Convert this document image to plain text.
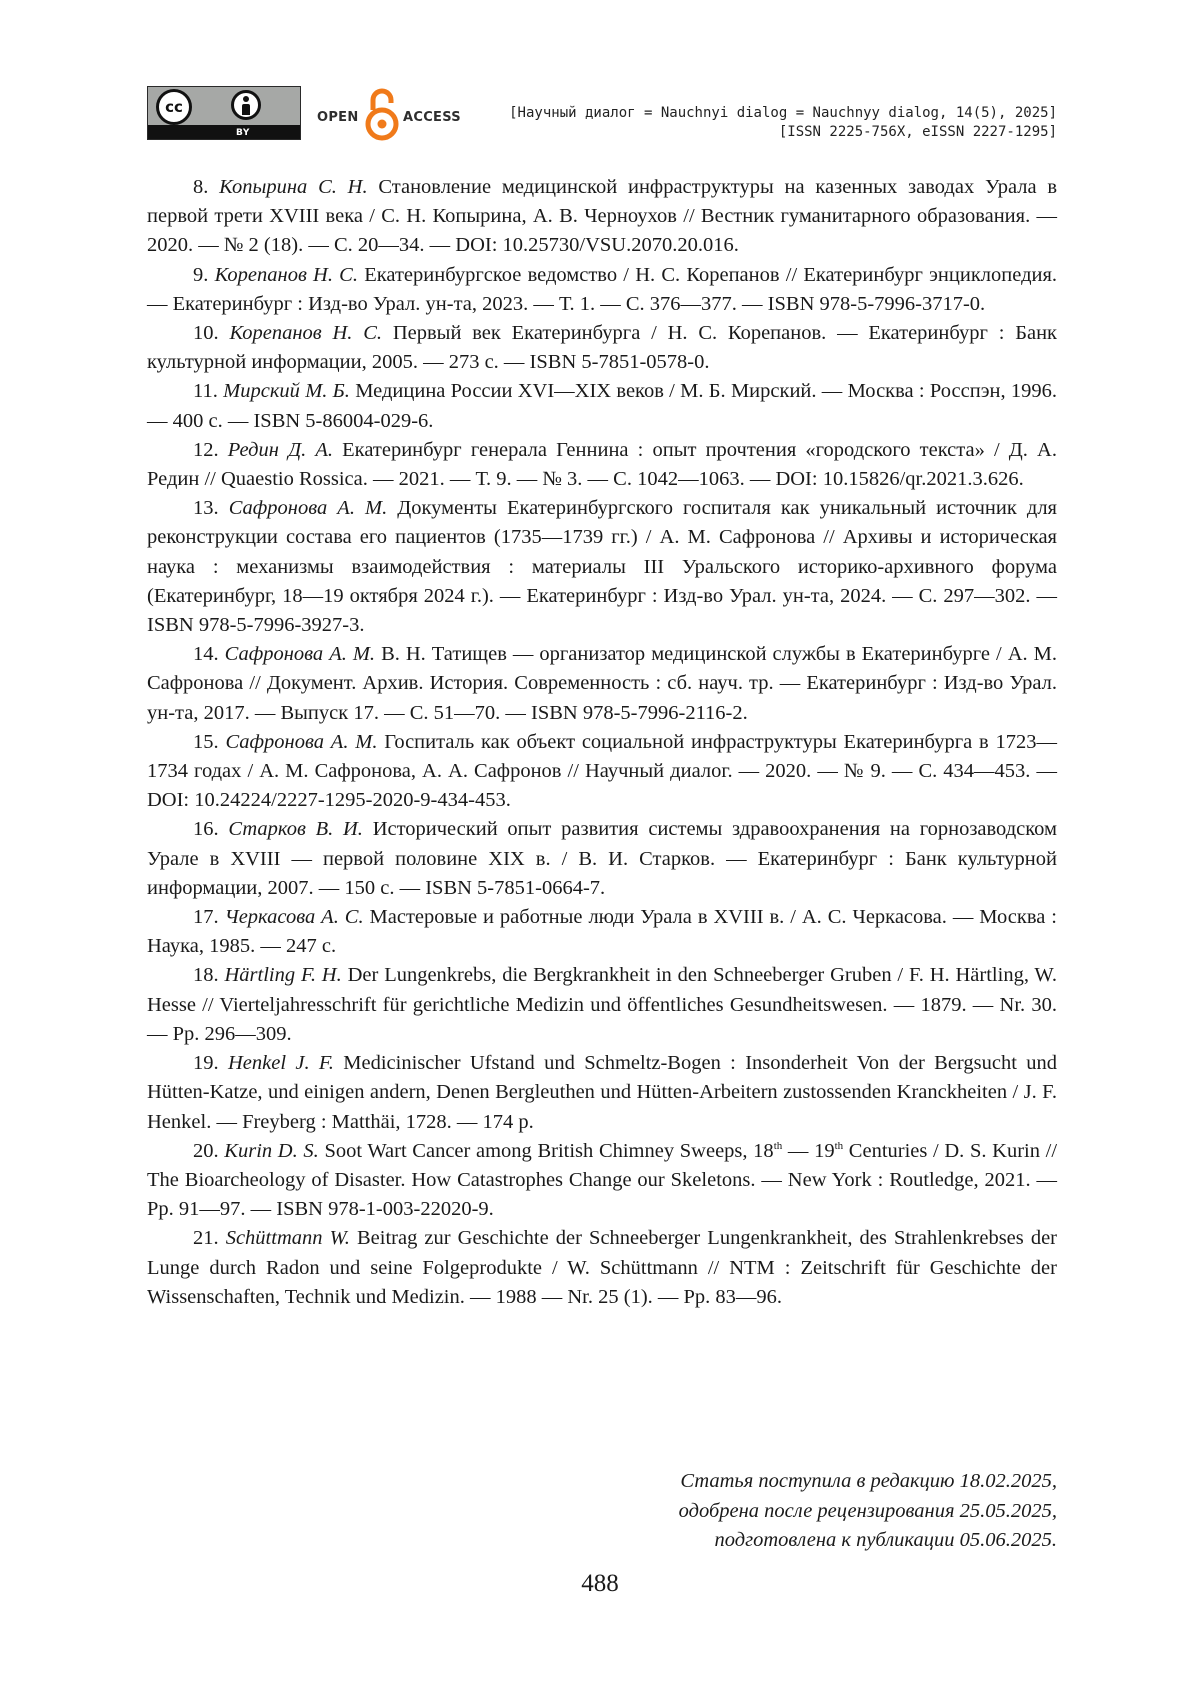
cc
BY
OPEN	ACCESS	[Научный диалог = Nauchnyi dialog = Nauchnyy dialog, 14(5), 2025]
[ISSN 2225-756X, eISSN 2227-1295]

8. Копырина С. Н. Становление медицинской инфраструктуры на казенных заводах Урала в первой трети XVIII века / С. Н. Копырина, А. В. Черноухов // Вестник гуманитарного образования. — 2020. — № 2 (18). — С. 20—34. — DOI: 10.25730/VSU.2070.20.016.

9. Корепанов Н. С. Екатеринбургское ведомство / Н. С. Корепанов // Екатеринбург энциклопедия. — Екатеринбург : Изд-во Урал. ун-та, 2023. — Т. 1. — С. 376—377. — ISBN 978-5-7996-3717-0.

10. Корепанов Н. С. Первый век Екатеринбурга / Н. С. Корепанов. — Екатеринбург : Банк культурной информации, 2005. — 273 с. — ISBN 5-7851-0578-0.

11. Мирский М. Б. Медицина России XVI—XIX веков / М. Б. Мирский. — Москва : Росспэн, 1996. — 400 с. — ISBN 5-86004-029-6.

12. Редин Д. А. Екатеринбург генерала Геннина : опыт прочтения «городского текста» / Д. А. Редин // Quaestio Rossica. — 2021. — Т. 9. — № 3. — С. 1042—1063. — DOI: 10.15826/qr.2021.3.626.

13. Сафронова А. М. Документы Екатеринбургского госпиталя как уникальный источник для реконструкции состава его пациентов (1735—1739 гг.) / А. М. Сафронова // Архивы и историческая наука : механизмы взаимодействия : материалы III Уральского историко-архивного форума (Екатеринбург, 18—19 октября 2024 г.). — Екатеринбург : Изд-во Урал. ун-та, 2024. — С. 297—302. — ISBN 978-5-7996-3927-3.

14. Сафронова А. М. В. Н. Татищев — организатор медицинской службы в Екатеринбурге / А. М. Сафронова // Документ. Архив. История. Современность : сб. науч. тр. — Екатеринбург : Изд-во Урал. ун-та, 2017. — Выпуск 17. — С. 51—70. — ISBN 978-5-7996-2116-2.

15. Сафронова А. М. Госпиталь как объект социальной инфраструктуры Екатеринбурга в 1723—1734 годах / А. М. Сафронова, А. А. Сафронов // Научный диалог. — 2020. — № 9. — С. 434—453. — DOI: 10.24224/2227-1295-2020-9-434-453.

16. Старков В. И. Исторический опыт развития системы здравоохранения на горнозаводском Урале в XVIII — первой половине XIX в. / В. И. Старков. — Екатеринбург : Банк культурной информации, 2007. — 150 с. — ISBN 5-7851-0664-7.

17. Черкасова А. С. Мастеровые и работные люди Урала в XVIII в. / А. С. Черкасова. — Москва : Наука, 1985. — 247 с.

18. Härtling F. H. Der Lungenkrebs, die Bergkrankheit in den Schneeberger Gruben / F. H. Härtling, W. Hesse // Vierteljahresschrift für gerichtliche Medizin und öffentliches Gesundheitswesen. — 1879. — Nr. 30. — Pp. 296—309.

19. Henkel J. F. Medicinischer Ufstand und Schmeltz-Bogen : Insonderheit Von der Bergsucht und Hütten-Katze, und einigen andern, Denen Bergleuthen und Hütten-Arbeitern zustossenden Kranckheiten / J. F. Henkel. — Freyberg : Matthäi, 1728. — 174 p.

20. Kurin D. S. Soot Wart Cancer among British Chimney Sweeps, 18th — 19th Centuries / D. S. Kurin // The Bioarcheology of Disaster. How Catastrophes Change our Skeletons. — New York : Routledge, 2021. — Pp. 91—97. — ISBN 978-1-003-22020-9.

21. Schüttmann W. Beitrag zur Geschichte der Schneeberger Lungenkrankheit, des Strahlenkrebses der Lunge durch Radon und seine Folgeprodukte / W. Schüttmann // NTM : Zeitschrift für Geschichte der Wissenschaften, Technik und Medizin. — 1988 — Nr. 25 (1). — Pp. 83—96.

Статья поступила в редакцию 18.02.2025,
одобрена после рецензирования 25.05.2025,
подготовлена к публикации 05.06.2025.
488
